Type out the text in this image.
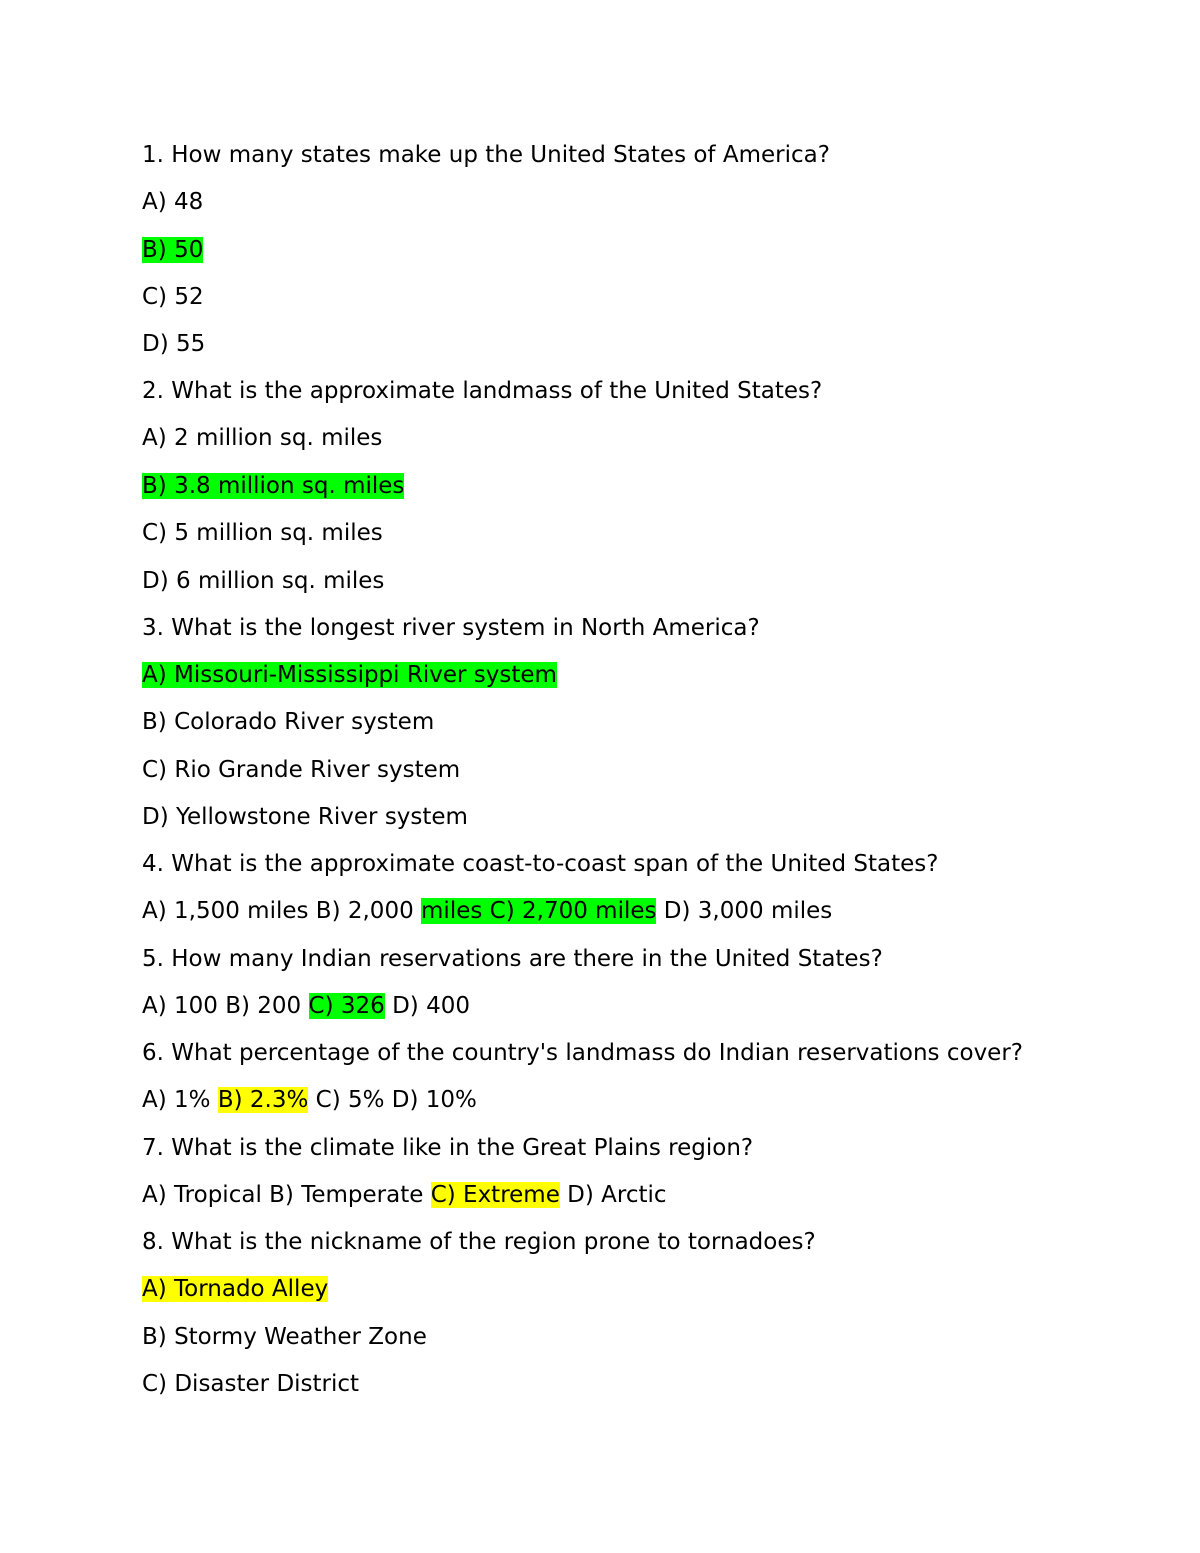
1. How many states make up the United States of America?
A) 48
B) 50
C) 52
D) 55
2. What is the approximate landmass of the United States?
A) 2 million sq. miles
B) 3.8 million sq. miles
C) 5 million sq. miles
D) 6 million sq. miles
3. What is the longest river system in North America?
A) Missouri-Mississippi River system
B) Colorado River system
C) Rio Grande River system
D) Yellowstone River system
4. What is the approximate coast-to-coast span of the United States?
A) 1,500 miles B) 2,000 miles C) 2,700 miles D) 3,000 miles
5. How many Indian reservations are there in the United States?
A) 100 B) 200 C) 326 D) 400
6. What percentage of the country's landmass do Indian reservations cover?
A) 1% B) 2.3% C) 5% D) 10%
7. What is the climate like in the Great Plains region?
A) Tropical B) Temperate C) Extreme D) Arctic
8. What is the nickname of the region prone to tornadoes?
A) Tornado Alley
B) Stormy Weather Zone
C) Disaster District
